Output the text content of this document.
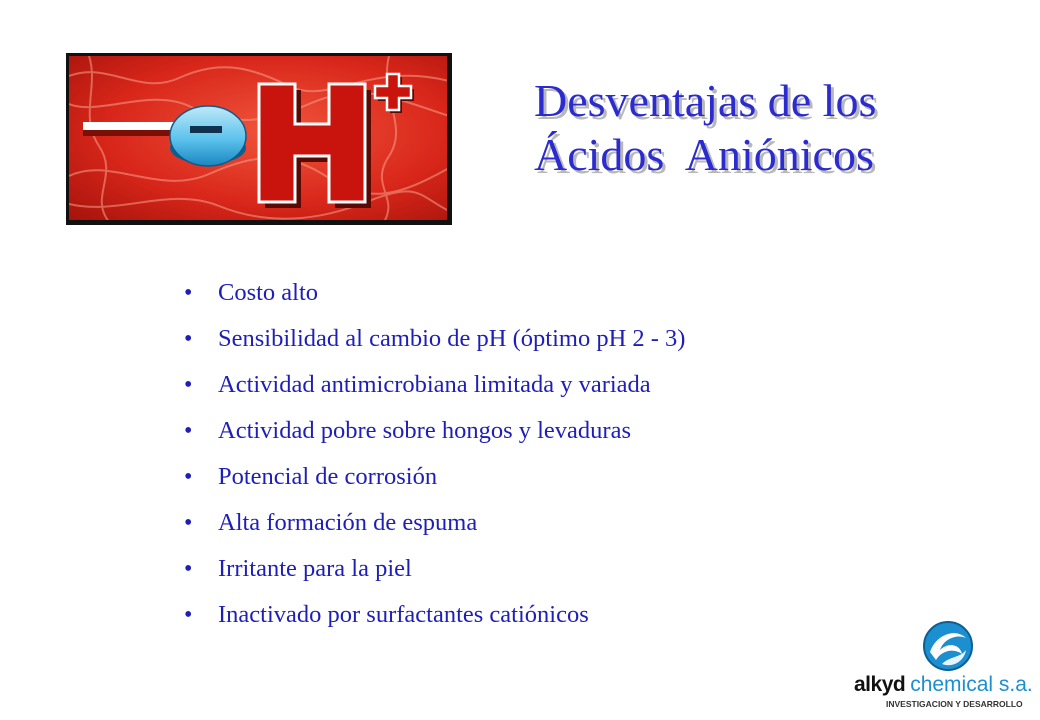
Desventajas de los
Ácidos  Aniónicos
•	Costo alto
•	Sensibilidad al cambio de pH (óptimo pH 2 - 3)
•	Actividad antimicrobiana limitada y variada
•	Actividad pobre sobre hongos y levaduras
•	Potencial de corrosión
•	Alta formación de espuma
•	Irritante para la piel
•	Inactivado por surfactantes catiónicos
alkyd chemical s.a.
INVESTIGACION Y DESARROLLO
